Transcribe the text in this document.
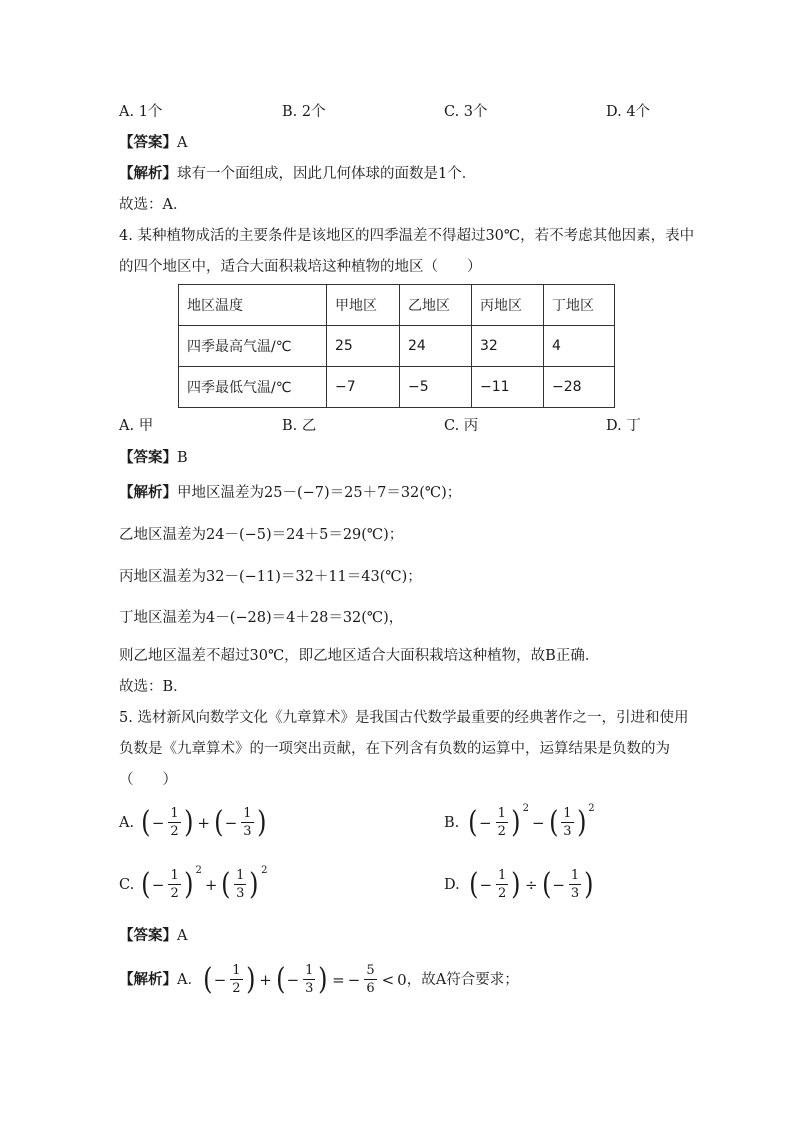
A. 1个	B. 2个	C. 3个	D. 4个
【答案】A
【解析】球有一个面组成，因此几何体球的面数是1个．
故选：A．
4. 某种植物成活的主要条件是该地区的四季温差不得超过30℃，若不考虑其他因素，表中
的四个地区中，适合大面积栽培这种植物的地区（　　）
地区温度	甲地区	乙地区	丙地区	丁地区
四季最高气温/℃	25	24	32	4
四季最低气温/℃	−7	−5	−11	−28
A. 甲	B. 乙	C. 丙	D. 丁
【答案】B
【解析】甲地区温差为25－(−7)＝25＋7＝32(℃)；
乙地区温差为24－(−5)＝24＋5＝29(℃)；
丙地区温差为32－(−11)＝32＋11＝43(℃)；
丁地区温差为4－(−28)＝4＋28＝32(℃)，
则乙地区温差不超过30℃，即乙地区适合大面积栽培这种植物，故B正确．
故选：B．
5. 选材新风向数学文化《九章算术》是我国古代数学最重要的经典著作之一，引进和使用
负数是《九章算术》的一项突出贡献，在下列含有负数的运算中，运算结果是负数的为
（　　）
A. ( − $\frac{1}{2}$ ) + ( − $\frac{1}{3}$ )	B. ( − $\frac{1}{2}$ ) 2
− ( $\frac{1}{3}$ ) 2
C. ( − $\frac{1}{2}$ ) 2
+ ( $\frac{1}{3}$ ) 2
D. ( − $\frac{1}{2}$ ) ÷ ( − $\frac{1}{3}$ )
【答案】A
【解析】 A． ( − $\frac{1}{2}$ ) + ( − $\frac{1}{3}$ ) = − $\frac{5}{6} < 0$ ，故A符合要求；
